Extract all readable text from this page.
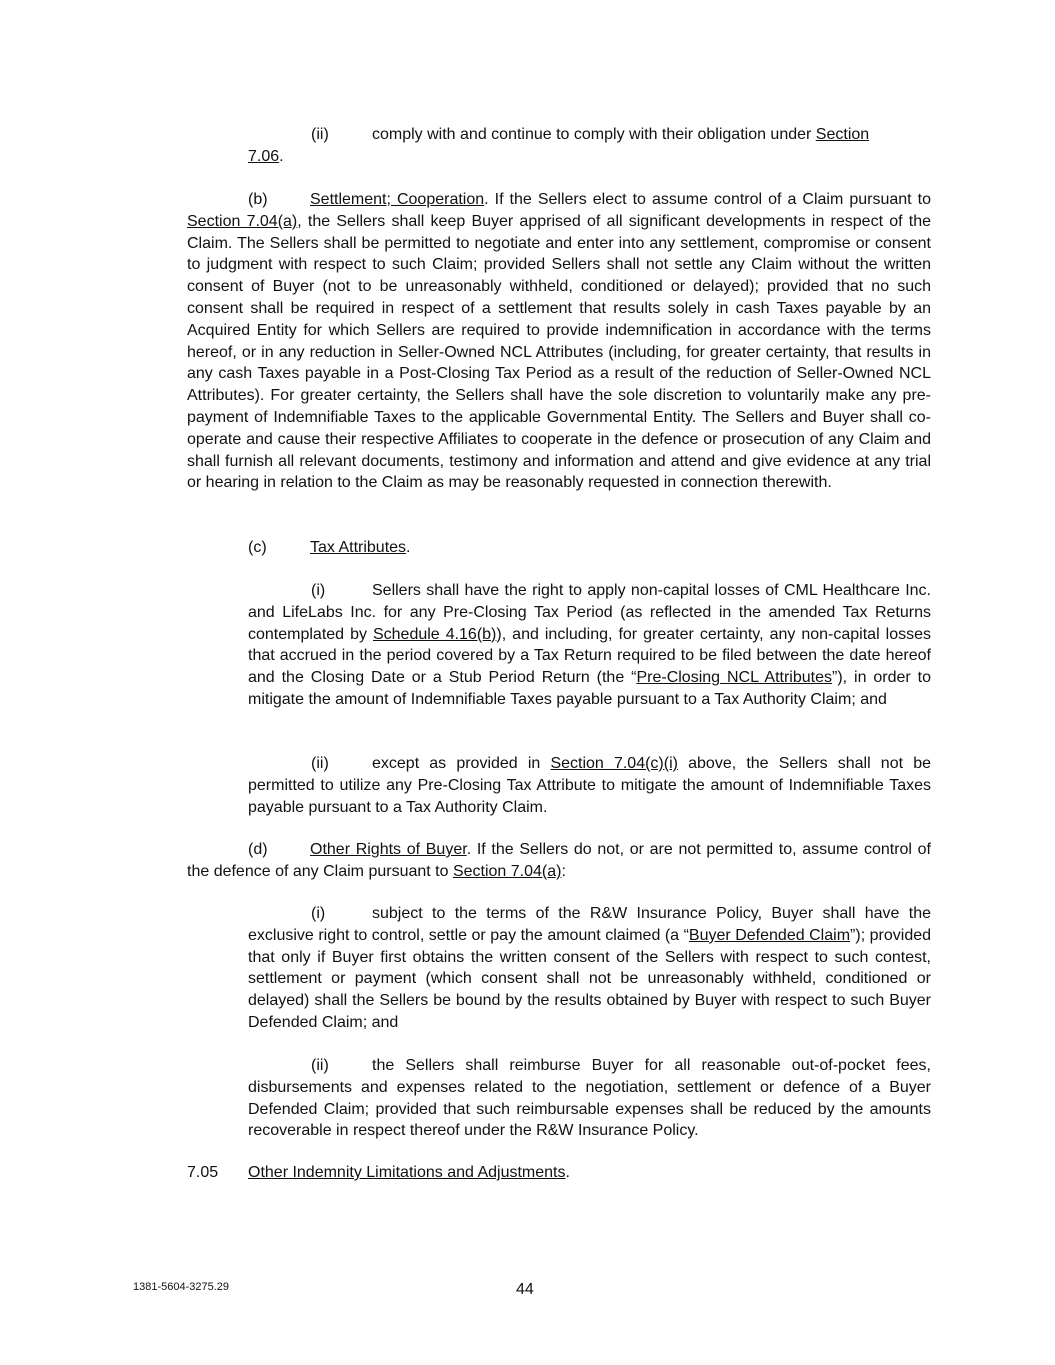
(ii)	comply with and continue to comply with their obligation under Section

7.06.

(b)	Settlement; Cooperation. If the Sellers elect to assume control of a Claim pursuant to Section 7.04(a), the Sellers shall keep Buyer apprised of all significant developments in respect of the Claim. The Sellers shall be permitted to negotiate and enter into any settlement, compromise or consent to judgment with respect to such Claim; provided Sellers shall not settle any Claim without the written consent of Buyer (not to be unreasonably withheld, conditioned or delayed); provided that no such consent shall be required in respect of a settlement that results solely in cash Taxes payable by an Acquired Entity for which Sellers are required to provide indemnification in accordance with the terms hereof, or in any reduction in Seller-Owned NCL Attributes (including, for greater certainty, that results in any cash Taxes payable in a Post-Closing Tax Period as a result of the reduction of Seller-Owned NCL Attributes). For greater certainty, the Sellers shall have the sole discretion to voluntarily make any pre-payment of Indemnifiable Taxes to the applicable Governmental Entity. The Sellers and Buyer shall co-operate and cause their respective Affiliates to cooperate in the defence or prosecution of any Claim and shall furnish all relevant documents, testimony and information and attend and give evidence at any trial or hearing in relation to the Claim as may be reasonably requested in connection therewith.

(c)	Tax Attributes.

(i)	Sellers shall have the right to apply non-capital losses of CML Healthcare Inc. and LifeLabs Inc. for any Pre-Closing Tax Period (as reflected in the amended Tax Returns contemplated by Schedule 4.16(b)), and including, for greater certainty, any non-capital losses that accrued in the period covered by a Tax Return required to be filed between the date hereof and the Closing Date or a Stub Period Return (the “Pre-Closing NCL Attributes”), in order to mitigate the amount of Indemnifiable Taxes payable pursuant to a Tax Authority Claim; and

(ii)	except as provided in Section 7.04(c)(i) above, the Sellers shall not be permitted to utilize any Pre-Closing Tax Attribute to mitigate the amount of Indemnifiable Taxes payable pursuant to a Tax Authority Claim.

(d)	Other Rights of Buyer. If the Sellers do not, or are not permitted to, assume control of the defence of any Claim pursuant to Section 7.04(a):

(i)	subject to the terms of the R&W Insurance Policy, Buyer shall have the exclusive right to control, settle or pay the amount claimed (a “Buyer Defended Claim”); provided that only if Buyer first obtains the written consent of the Sellers with respect to such contest, settlement or payment (which consent shall not be unreasonably withheld, conditioned or delayed) shall the Sellers be bound by the results obtained by Buyer with respect to such Buyer Defended Claim; and

(ii)	the Sellers shall reimburse Buyer for all reasonable out-of-pocket fees, disbursements and expenses related to the negotiation, settlement or defence of a Buyer Defended Claim; provided that such reimbursable expenses shall be reduced by the amounts recoverable in respect thereof under the R&W Insurance Policy.

7.05 Other Indemnity Limitations and Adjustments.

1381-5604-3275.29	44
